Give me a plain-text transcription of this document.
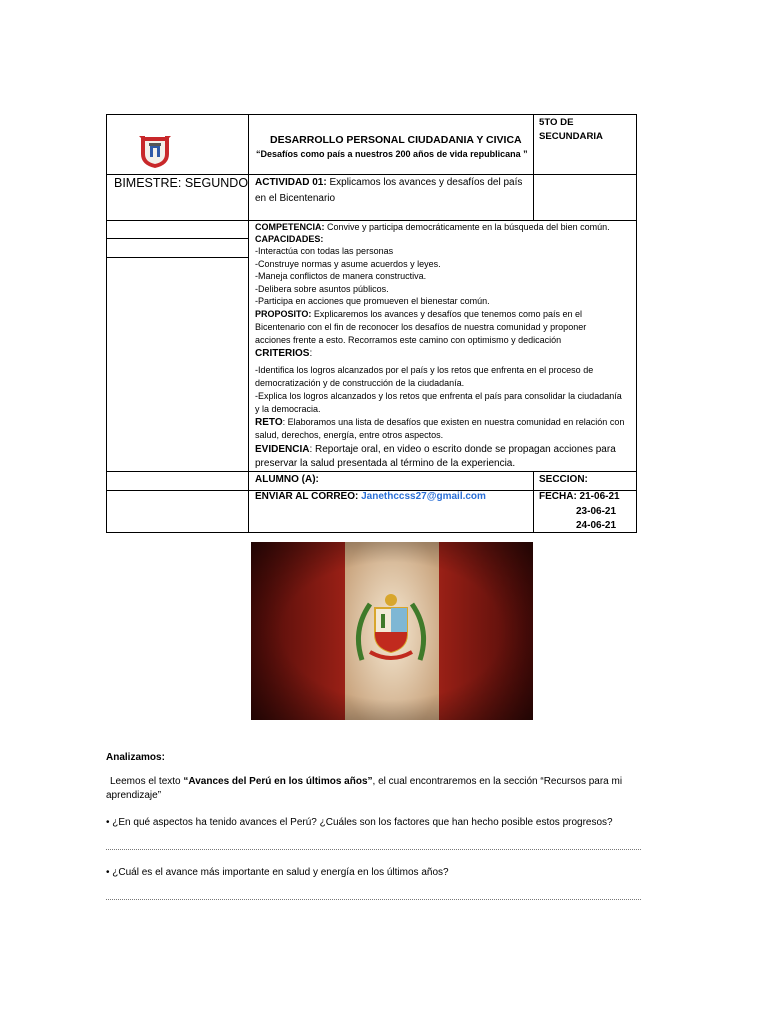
DESARROLLO PERSONAL CIUDADANIA Y CIVICA
“Desafíos como país a nuestros 200 años de vida republicana ”
5TO DE
SECUNDARIA
BIMESTRE: SEGUNDO ACTIVIDAD 01: Explicamos los avances y desafíos del país
en el Bicentenario
COMPETENCIA: Convive y participa democráticamente en la búsqueda del bien común.
CAPACIDADES:
-Interactúa con todas las personas
-Construye normas y asume acuerdos y leyes.
-Maneja conflictos de manera constructiva.
-Delibera sobre asuntos públicos.
-Participa en acciones que promueven el bienestar común.
PROPOSITO: Explicaremos los avances y desafíos que tenemos como país en el
Bicentenario con el fin de reconocer los desafíos de nuestra comunidad y proponer
acciones frente a esto. Recorramos este camino con optimismo y dedicación
CRITERIOS:
-Identifica los logros alcanzados por el país y los retos que enfrenta en el proceso de
democratización y de construcción de la ciudadanía.
-Explica los logros alcanzados y los retos que enfrenta el país para consolidar la ciudadanía
y la democracia.
RETO: Elaboramos una lista de desafíos que existen en nuestra comunidad en relación con
salud, derechos, energía, entre otros aspectos.
EVIDENCIA: Reportaje oral, en video o escrito donde se propagan acciones para
preservar la salud presentada al término de la experiencia.
ALUMNO (A):	SECCION:
ENVIAR AL CORREO: Janethccss27@gmail.com	FECHA: 21-06-21
23-06-21
24-06-21
Analizamos:
Leemos el texto “Avances del Perú en los últimos años”, el cual encontraremos en la sección “Recursos para mi
aprendizaje”
• ¿En qué aspectos ha tenido avances el Perú? ¿Cuáles son los factores que han hecho posible estos progresos?
• ¿Cuál es el avance más importante en salud y energía en los últimos años?
